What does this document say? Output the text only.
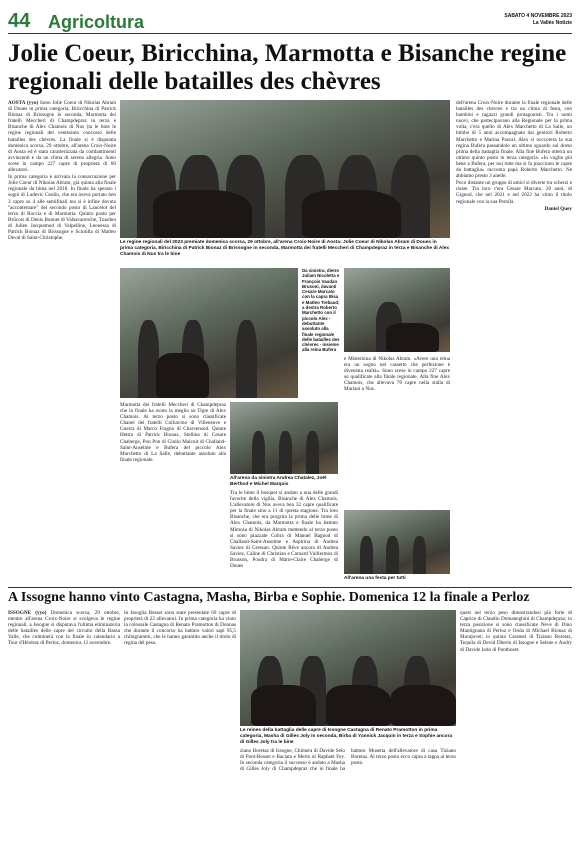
44 Agricoltura	SABATO 4 NOVEMBRE 2023
La Vallée Notizie
Jolie Coeur, Biricchina, Marmotta e Bisanche regine regionali delle batailles des chèvres

AOSTA (yyo) Sono Jolie Coeur di Nikolas Abram di Doues in prima categoria, Biricchina di Patrick Bionaz di Brissogne in seconda, Marmotta dei fratelli Meccheri di Champdepraz in terza e Bisanche di Alex Chamois di Nus (ta le bine le regine regionali del ventesimo concorso delle batailles des chèvres. La finale si è disputata domenica scorsa, 29 ottobre, all'arena Croix-Noire di Aosta ed è stata caratterizzata da combattimenti avvincenti e da un clima di sereno allegria. Sono scese in campo 227 capre di proprietà di 60 allevatori.

In prima categoria è arrivata la consacrazione per Jolie Coeur di Nikolas Abram, già quinta alla finale regionale da bima nel 2018. In finale ha sperato i sogni di Ludevic Ceulin, che era aveva portato ben 3 capre su 4 alle semifinali ma si è infine dovuta "accontentare" del secondo posto di Lancelot del terzo di Roccia e di Marmotta. Quinto posto per Brûcois di Denis Bonnet di Valsavarenche, Tzardon di Julien Jacquemod di Valpelline, Leonessa di Patrick Bionaz di Brissogne e Scintilla di Matteo Deval di Saint-Christophe.

Le regine regionali del 2023 premiate domenica scorsa, 29 ottobre, all'arena Croix-Noire di Aosta: Jolie Coeur di Nikolas Abram di Doues in prima categoria, Biricchina di Patrick Bionaz di Brissogne in seconda, Marmotta dei fratelli Meccheri di Champdepraz in terza e Bisanche di Alex Chamois di Nus tra le bine

dell'arena Croix-Noire durante la finale regionale delle batailles des chèvres e tra un clima di festa, con bambini e ragazzi grandi protagonisti. Tra i nomi nuovi, che partecipavano alla Regionale per la prima volta, c'era quello di Alex Marchetto di La Salle, un bimbo di 5 anni accompagnato dai genitori Roberto Marchetto e Marina Pascal. Alex si occcorera la sua regina Bufera passandole un ultimo sguardo sul dorso prima della battaglia finale. Alla fine Bufera otterrà un ottimo quinto posto in terza categoria. «Io voglio più bene a Bufera, per noi tutte ma si fa piacciono le capre da battaglia» racconta papà Roberto Marchetto. Ne abbiamo presto 3 anelle.

Poco distante un gruppo di amici si diverte tra scherzi e risate. Tra loro c'era Cesare Marcato, 20 anni, di Gignod, che nel 2021 e nel 2022 ha vinto il titolo regionale con la sua Perolla.

Daniel Quey
Da sinistra, dietro Juliam Nicoletta e François Vaudan Brusoni, davanti Cesare Marcato con la capra Bisa e Matteo Trebaud; a destra Roberto Marchetto con il piccolo Alex - debuttante assoluto alla finale regionale delle batailles des chèvres - insieme alla reina Bufera

Marmotta dei fratelli Meccheri di Champdepraz che in finale ha avuto la meglio su Tigre di Alex Chamois. Al terzo posto si sono classificate Chanel dei fratelli Colliavino di Villeneuve e Guerra di Marco Fragno di Charvensod. Quinte Hettra di Patrick Bionaz, Stellina di Cesare Chaberge, Pon Pon di Giulio Malcuit di Challand-Saint-Anselme e Bufera del piccolo Alex Marchetto di La Salle, debuttante assoluto alla finale regionale.

All'arena da sinistra Andrea Chatalez, Joël Berthod e Michel Marquis

Tra le bime il bosquet si andato a una delle grandi favorite della vigilia, Bisanche di Alex Chamois. L'allevatore di Nus aveva ben 32 capre qualificate per la finale sino a 11 di questa stagione. Tra loro Bisanche, che era progrita la prima delle bime di Alex Chamois, da Marmotta e finale ha battuto Mimosa di Nikolas Abram mettendo al terzo posto si sono piazzate Cobra di Manuel Bagnod di Challand-Saint-Anselme e Aspirina di Andrea Saviez di Gressan. Quinte Rêve ancora di Andrea Saviez, Caline di Christian e Carnard Vuillermoz di Brusson, Poudra di Marie-Claire Chaberge di Doues

e Misternina di Nikolas Abram. «Avere una reina era un sogno nel cassetto che perfezione è diventata realtà». Sono scese in campo 227 capre su qualificate alla finale regionale. Alla fine Alex Chamois, che allevava 70 capre nella stalla di Mariani a Nus.

All'arena una festa per tutti
A Issogne hanno vinto Castagna, Masha, Birba e Sophie. Domenica 12 la finale a Perloz

ISSOGNE (yyo) Domenica scorsa, 29 ottobre, mentre all'arena Croix-Noire si svolgeva le regine regionali, a Issogne si disputava l'ultima eliminatoria delle batailles delle capre del circuito della Bassa Valle, che culminerà con la finale in calendario a Tour d'Héréraz di Perloz, domenica 12 novembre.

In Issoglia Besset sono state presentate 69 capre di proprietà di 22 allevatori. In prima categoria ha vinto la colossale Castagna di Renato Pramotton di Donnas che durante il concorso ha battuto valori sapi 95,5 chilogrammi, che le hanno garantito anche il titolo di regina del peso.

Le reines della battaglia delle capre di Issogne Castagna di Renato Pramotton in prima categoria, Masha di Gilles Joly in seconda, Birba di Yannick Jacquin in terza e Sophie ancora di Gilles Joly tra le bine

ziano Boretaz di Issogne, Chimera di Davide Selo di Pont-Bosset e Baciata e Merlo di Raphael Fey. In seconda categoria il successo è andato a Masha di Gilles Joly di Champdepraz che in finale ha battuto Musetta dell'allevatore di casa Tiziano Boretaz. Al terzo posto ecco capra a tappa al terzo posto.

quest nel terzo peso dimostrandosi più forte di Caprice di Claudio Domaneghini di Champdepraz; in terza posizione si sono classificate Neve di Dino Mantignana di Perloz e Onda di Michael Bionaz di Montjovet; in quinta Caramel di Tiziano Boretaz, Tequila di Devid Dherin di Issogne e Selene e Audry di Davide Iodo di Pontboset.
